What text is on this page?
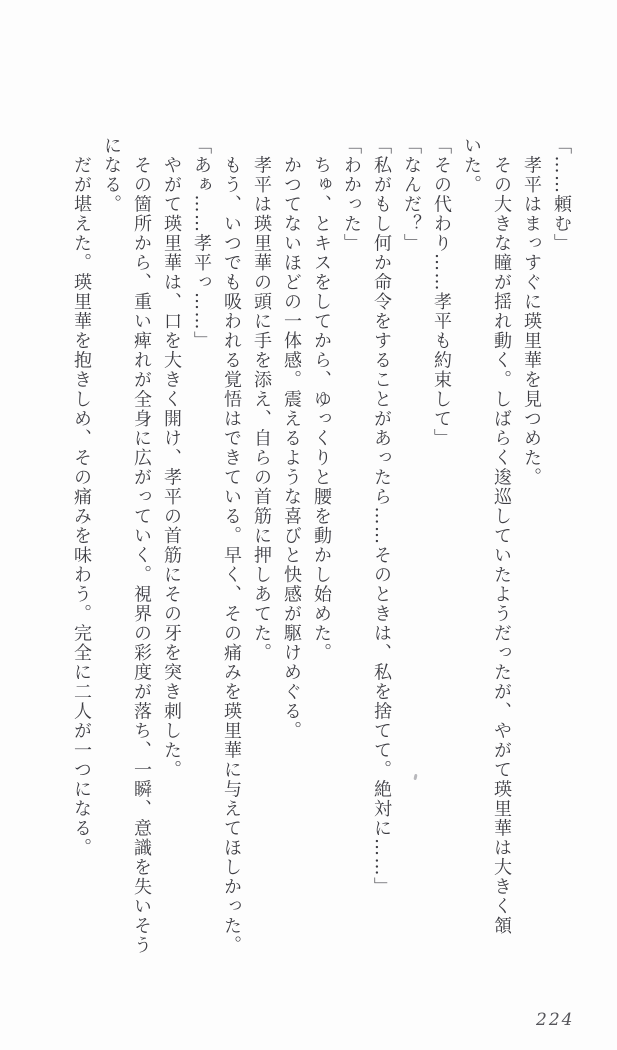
「……頼む」
　孝平はまっすぐに瑛里華を見つめた。
　その大きな瞳が揺れ動く。しばらく逡巡していたようだったが、やがて瑛里華は大きく頷
いた。
「その代わり……孝平も約束して」
「なんだ？」
「私がもし何か命令をすることがあったら……そのときは、私を捨てて。絶対に……」
「わかった」
　ちゅ、とキスをしてから、ゆっくりと腰を動かし始めた。
　かつてないほどの一体感。震えるような喜びと快感が駆けめぐる。
　孝平は瑛里華の頭に手を添え、自らの首筋に押しあてた。
　もう、いつでも吸われる覚悟はできている。早く、その痛みを瑛里華に与えてほしかった。
「あぁ……孝平っ……」
　やがて瑛里華は、口を大きく開け、孝平の首筋にその牙を突き刺した。
　その箇所から、重い痺れが全身に広がっていく。視界の彩度が落ち、一瞬、意識を失いそう
になる。
　だが堪えた。瑛里華を抱きしめ、その痛みを味わう。完全に二人が一つになる。
224
